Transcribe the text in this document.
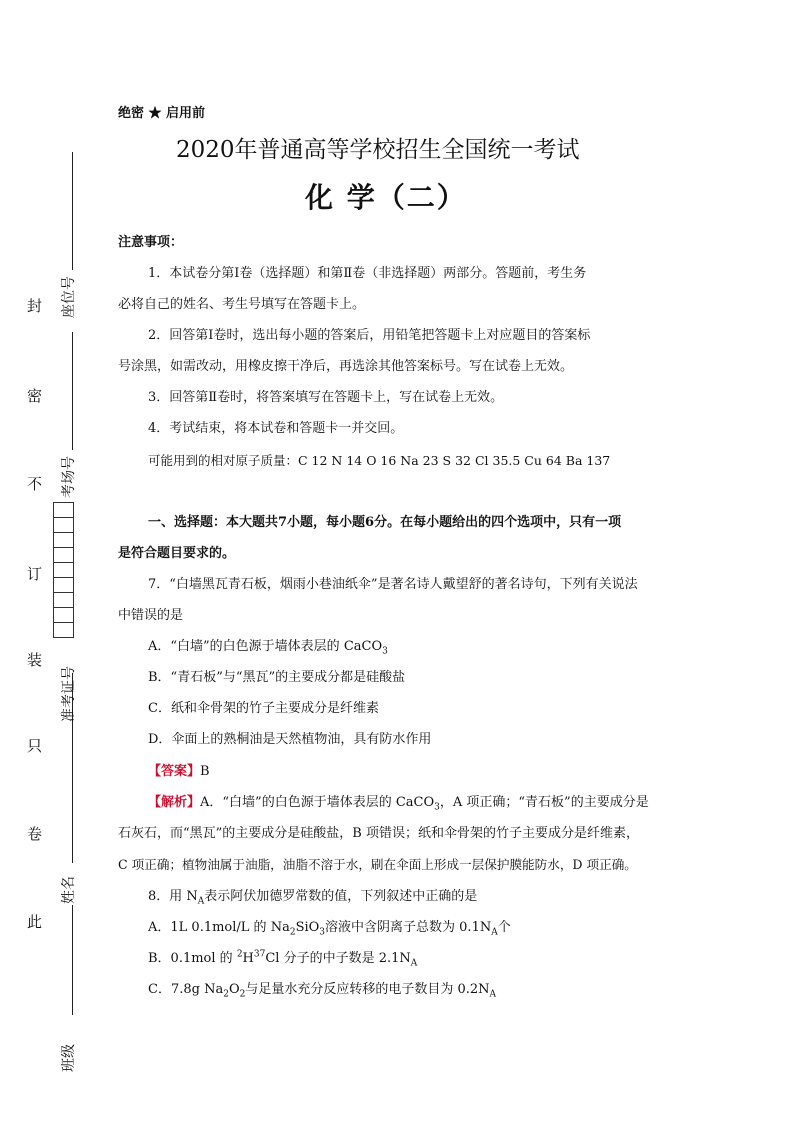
座位号
考场号
准考证号
姓名
班级
封
密
不
订
装
只
卷
此
绝密 ★ 启用前
2020年普通高等学校招生全国统一考试
化 学（二）
注意事项：
1．本试卷分第Ⅰ卷（选择题）和第Ⅱ卷（非选择题）两部分。答题前，考生务
必将自己的姓名、考生号填写在答题卡上。
2．回答第Ⅰ卷时，选出每小题的答案后，用铅笔把答题卡上对应题目的答案标
号涂黑，如需改动，用橡皮擦干净后，再选涂其他答案标号。写在试卷上无效。
3．回答第Ⅱ卷时，将答案填写在答题卡上，写在试卷上无效。
4．考试结束，将本试卷和答题卡一并交回。
可能用到的相对原子质量：C 12 N 14 O 16 Na 23 S 32 Cl 35.5 Cu 64 Ba 137
一、选择题：本大题共7小题，每小题6分。在每小题给出的四个选项中，只有一项
是符合题目要求的。
7．“白墙黑瓦青石板，烟雨小巷油纸伞”是著名诗人戴望舒的著名诗句，下列有关说法
中错误的是
A．“白墙”的白色源于墙体表层的 CaCO$_3$
B．“青石板”与“黑瓦”的主要成分都是硅酸盐
C．纸和伞骨架的竹子主要成分是纤维素
D．伞面上的熟桐油是天然植物油，具有防水作用
【答案】B
【解析】A．“白墙”的白色源于墙体表层的 CaCO$_3$，A 项正确；“青石板”的主要成分是
石灰石，而“黑瓦”的主要成分是硅酸盐，B 项错误；纸和伞骨架的竹子主要成分是纤维素，
C 项正确；植物油属于油脂，油脂不溶于水，刷在伞面上形成一层保护膜能防水，D 项正确。
8．用 $N_A$表示阿伏加德罗常数的值，下列叙述中正确的是
A．1L 0.1mol/L 的 $Na_2SiO_3$溶液中含阴离子总数为 $0.1N_A$个
B．0.1mol 的 $^2H^{37}Cl$ 分子的中子数是 $2.1N_A$
C．7.8g $Na_2O_2$与足量水充分反应转移的电子数目为 $0.2N_A$
